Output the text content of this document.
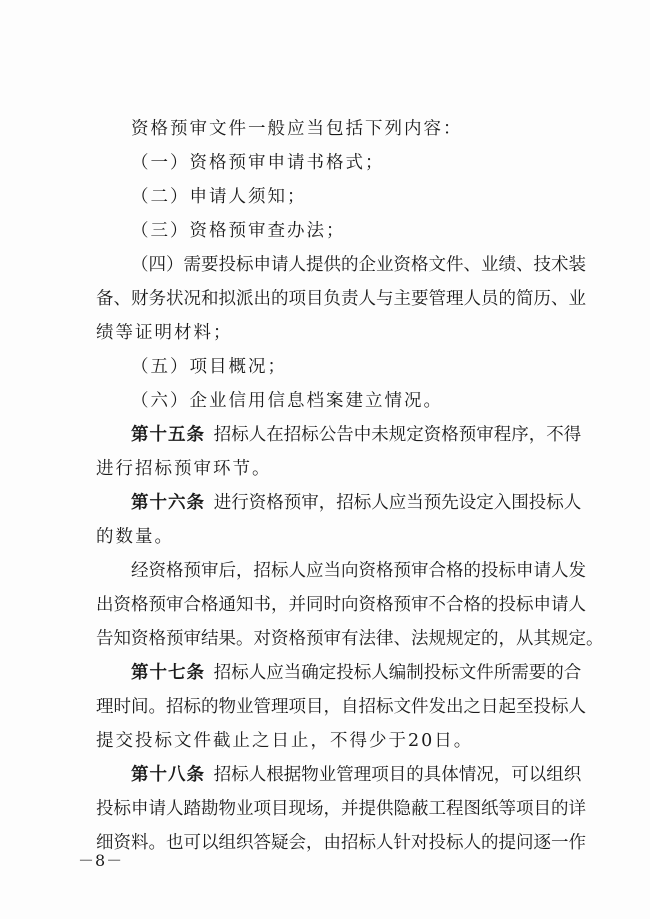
资格预审文件一般应当包括下列内容：
（一）资格预审申请书格式；
（二）申请人须知；
（三）资格预审查办法；
（四）需要投标申请人提供的企业资格文件、业绩、技术装
备、财务状况和拟派出的项目负责人与主要管理人员的简历、业
绩等证明材料；
（五）项目概况；
（六）企业信用信息档案建立情况。
第十五条  招标人在招标公告中未规定资格预审程序，不得
进行招标预审环节。
第十六条  进行资格预审，招标人应当预先设定入围投标人
的数量。
经资格预审后，招标人应当向资格预审合格的投标申请人发
出资格预审合格通知书，并同时向资格预审不合格的投标申请人
告知资格预审结果。对资格预审有法律、法规规定的，从其规定。
第十七条  招标人应当确定投标人编制投标文件所需要的合
理时间。招标的物业管理项目，自招标文件发出之日起至投标人
提交投标文件截止之日止，不得少于20日。
第十八条  招标人根据物业管理项目的具体情况，可以组织
投标申请人踏勘物业项目现场，并提供隐蔽工程图纸等项目的详
细资料。也可以组织答疑会，由招标人针对投标人的提问逐一作
－8－
